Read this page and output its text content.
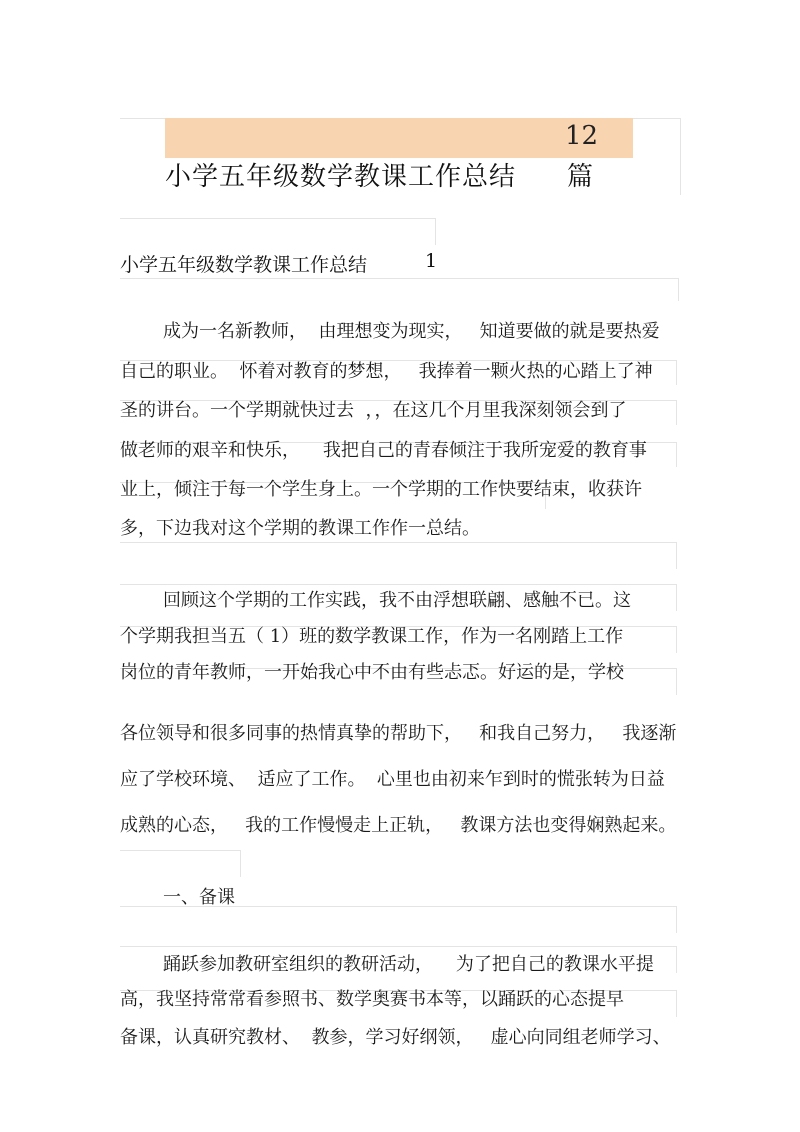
12
小学五年级数学教课工作总结 篇
小学五年级数学教课工作总结	1
成为一名新教师，  由理想变为现实，   知道要做的就是要热爱
自己的职业。  怀着对教育的梦想，   我捧着一颗火热的心踏上了神
圣的讲台。一个学期就快过去  ，，在这几个月里我深刻领会到了
做老师的艰辛和快乐，    我把自己的青春倾注于我所宠爱的教育事
业上，倾注于每一个学生身上。一个学期的工作快要结束，收获许
多，下边我对这个学期的教课工作作一总结。
回顾这个学期的工作实践，我不由浮想联翩、感触不已。这
个学期我担当五（ 1）班的数学教课工作，作为一名刚踏上工作
岗位的青年教师，一开始我心中不由有些忐忑。好运的是，学校
各位领导和很多同事的热情真挚的帮助下，   和我自己努力，   我逐渐
应了学校环境、  适应了工作。  心里也由初来乍到时的慌张转为日益
成熟的心态，   我的工作慢慢走上正轨，   教课方法也变得娴熟起来。
一、备课
踊跃参加教研室组织的教研活动，    为了把自己的教课水平提
高，我坚持常常看参照书、数学奥赛书本等，以踊跃的心态提早
备课，认真研究教材、  教参，学习好纲领，   虚心向同组老师学习、
